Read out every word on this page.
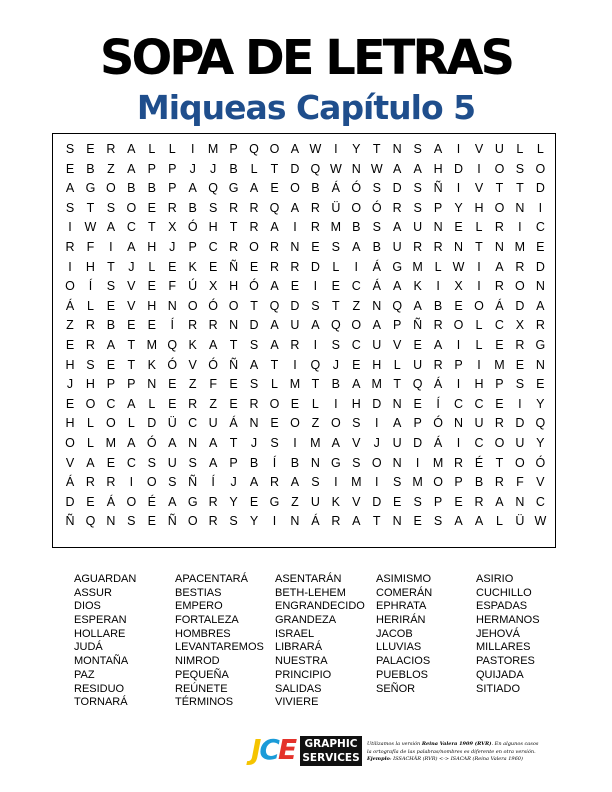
SOPA DE LETRAS
Miqueas Capítulo 5
S E R A	L	L	I	M P Q O A W	I	Y T N S A	I	V U L	L
E B Z A P P	J	J	B	L	T D Q W N W A A H D	I	O S O
A G O B B P A Q G A E O B Á Ó S D S Ñ	I	V T	T D
S T S O E R B S R R Q A R Ü O Ó R S P Y H O N	I
I	W A C T X Ó H T R A	I	R M B S A U N E	L R	I	C
R F	I	A H	J	P C R O R N E S A B U R R N T N M E
I	H T	J	L	E K E Ñ E R R D L	I	Á G M L W	I	A R D
O	Í	S V E F Ú X H Ó A E	I	E C Á A K	I	X	I	R O N
Á	L	E V H N O Ó O T Q D S T	Z N Q A B E O Á D A
Z R B E E	Í	R R N D A U A Q O A P Ñ R O L C X R
E R A T M Q K A T S A R	I	S C U V E A	I	L	E R G
H S E T K Ó V Ó Ñ A T	I	Q J	E H L U R P	I	M E N
J	H P P N E Z	F E S	L M T B A M T Q Á	I	H P S E
E O C A	L	E R Z E R O E	L	I	H D N E	Í	C C E	I	Y
H L O L D Ü C U Á N E O Z O S	I	A P Ó N U R D Q
O L M A Ó A N A T	J	S	I	M A V	J	U D Á	I	C O U Y
V A E C S U S A P B	Í	B N G S O N	I	M R É T O Ó
Á R R	I	O S Ñ	Í	J	A R A S	I	M	I	S M O P B R F V
D E Á O É A G R Y E G Z U K V D E S P E R A N C
Ñ Q N S E Ñ O R S Y	I	N Á R A T N E S A A	L Ü W
AGUARDAN
ASSUR
DIOS
ESPERAN
HOLLARE
JUDÁ
MONTAÑA
PAZ
RESIDUO
TORNARÁ
APACENTARÁ
BESTIAS
EMPERO
FORTALEZA
HOMBRES
LEVANTAREMOS
NIMROD
PEQUEÑA
REÚNETE
TÉRMINOS
ASENTARÁN
BETH-LEHEM
ENGRANDECIDO
GRANDEZA
ISRAEL
LIBRARÁ
NUESTRA
PRINCIPIO
SALIDAS
VIVIERE
ASIMISMO
COMERÁN
EPHRATA
HERIRÁN
JACOB
LLUVIAS
PALACIOS
PUEBLOS
SEÑOR
ASIRIO
CUCHILLO
ESPADAS
HERMANOS
JEHOVÁ
MILLARES
PASTORES
QUIJADA
SITIADO
JCE GRAPHIC
SERVICES
Utilizamos la versión Reina Valera 1909 (RVR). En algunos casos
la ortografía de las palabras/nombres es diferente en otra versión.
Ejemplo: ISSACHÂR (RVR) <-> ISACAR (Reina Valera 1960)
